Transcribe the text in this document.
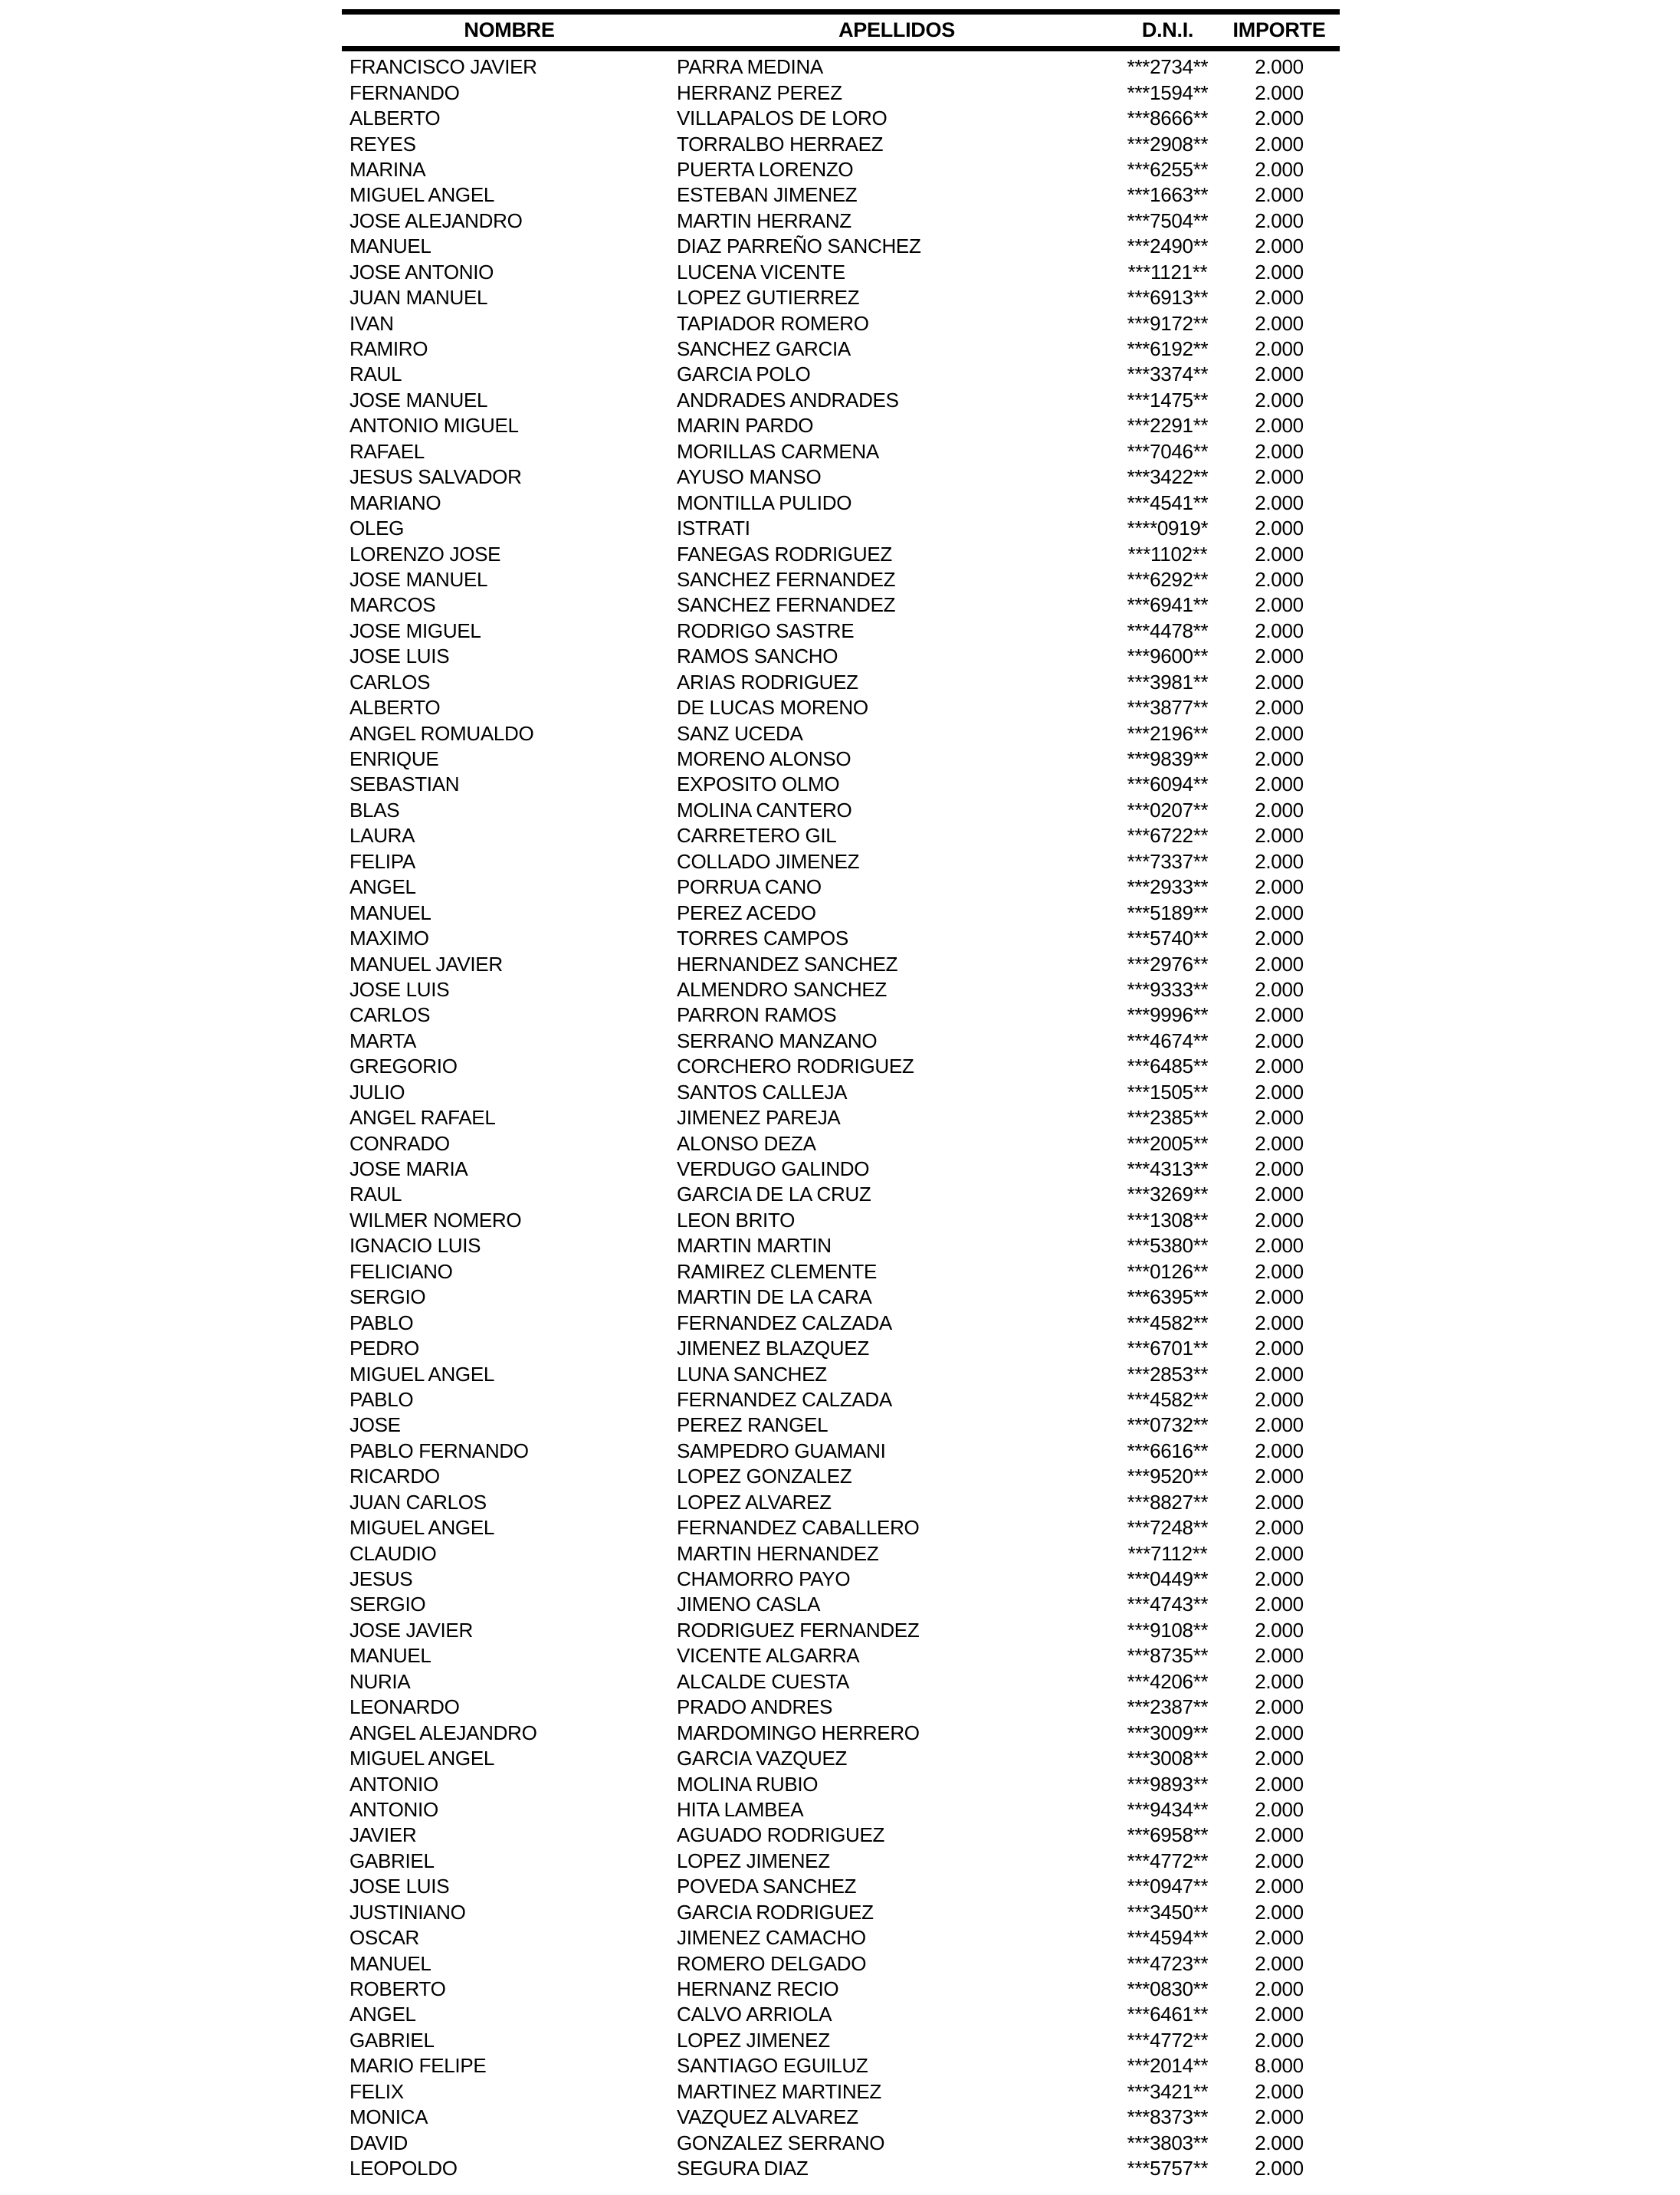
NOMBRE	APELLIDOS	D.N.I.	IMPORTE
FRANCISCO JAVIER	PARRA MEDINA	***2734**	2.000
FERNANDO	HERRANZ PEREZ	***1594**	2.000
ALBERTO	VILLAPALOS DE LORO	***8666**	2.000
REYES	TORRALBO HERRAEZ	***2908**	2.000
MARINA	PUERTA LORENZO	***6255**	2.000
MIGUEL ANGEL	ESTEBAN JIMENEZ	***1663**	2.000
JOSE ALEJANDRO	MARTIN HERRANZ	***7504**	2.000
MANUEL	DIAZ PARREÑO SANCHEZ	***2490**	2.000
JOSE ANTONIO	LUCENA VICENTE	***1121**	2.000
JUAN MANUEL	LOPEZ GUTIERREZ	***6913**	2.000
IVAN	TAPIADOR ROMERO	***9172**	2.000
RAMIRO	SANCHEZ GARCIA	***6192**	2.000
RAUL	GARCIA POLO	***3374**	2.000
JOSE MANUEL	ANDRADES ANDRADES	***1475**	2.000
ANTONIO MIGUEL	MARIN PARDO	***2291**	2.000
RAFAEL	MORILLAS CARMENA	***7046**	2.000
JESUS SALVADOR	AYUSO MANSO	***3422**	2.000
MARIANO	MONTILLA PULIDO	***4541**	2.000
OLEG	ISTRATI	****0919*	2.000
LORENZO JOSE	FANEGAS RODRIGUEZ	***1102**	2.000
JOSE MANUEL	SANCHEZ FERNANDEZ	***6292**	2.000
MARCOS	SANCHEZ FERNANDEZ	***6941**	2.000
JOSE MIGUEL	RODRIGO SASTRE	***4478**	2.000
JOSE LUIS	RAMOS SANCHO	***9600**	2.000
CARLOS	ARIAS RODRIGUEZ	***3981**	2.000
ALBERTO	DE LUCAS MORENO	***3877**	2.000
ANGEL ROMUALDO	SANZ UCEDA	***2196**	2.000
ENRIQUE	MORENO ALONSO	***9839**	2.000
SEBASTIAN	EXPOSITO OLMO	***6094**	2.000
BLAS	MOLINA CANTERO	***0207**	2.000
LAURA	CARRETERO GIL	***6722**	2.000
FELIPA	COLLADO JIMENEZ	***7337**	2.000
ANGEL	PORRUA CANO	***2933**	2.000
MANUEL	PEREZ ACEDO	***5189**	2.000
MAXIMO	TORRES CAMPOS	***5740**	2.000
MANUEL JAVIER	HERNANDEZ SANCHEZ	***2976**	2.000
JOSE LUIS	ALMENDRO SANCHEZ	***9333**	2.000
CARLOS	PARRON RAMOS	***9996**	2.000
MARTA	SERRANO MANZANO	***4674**	2.000
GREGORIO	CORCHERO RODRIGUEZ	***6485**	2.000
JULIO	SANTOS CALLEJA	***1505**	2.000
ANGEL RAFAEL	JIMENEZ PAREJA	***2385**	2.000
CONRADO	ALONSO DEZA	***2005**	2.000
JOSE MARIA	VERDUGO GALINDO	***4313**	2.000
RAUL	GARCIA DE LA CRUZ	***3269**	2.000
WILMER NOMERO	LEON BRITO	***1308**	2.000
IGNACIO LUIS	MARTIN MARTIN	***5380**	2.000
FELICIANO	RAMIREZ CLEMENTE	***0126**	2.000
SERGIO	MARTIN DE LA CARA	***6395**	2.000
PABLO	FERNANDEZ CALZADA	***4582**	2.000
PEDRO	JIMENEZ BLAZQUEZ	***6701**	2.000
MIGUEL ANGEL	LUNA SANCHEZ	***2853**	2.000
PABLO	FERNANDEZ CALZADA	***4582**	2.000
JOSE	PEREZ RANGEL	***0732**	2.000
PABLO FERNANDO	SAMPEDRO GUAMANI	***6616**	2.000
RICARDO	LOPEZ GONZALEZ	***9520**	2.000
JUAN CARLOS	LOPEZ ALVAREZ	***8827**	2.000
MIGUEL ANGEL	FERNANDEZ CABALLERO	***7248**	2.000
CLAUDIO	MARTIN HERNANDEZ	***7112**	2.000
JESUS	CHAMORRO PAYO	***0449**	2.000
SERGIO	JIMENO CASLA	***4743**	2.000
JOSE JAVIER	RODRIGUEZ FERNANDEZ	***9108**	2.000
MANUEL	VICENTE ALGARRA	***8735**	2.000
NURIA	ALCALDE CUESTA	***4206**	2.000
LEONARDO	PRADO ANDRES	***2387**	2.000
ANGEL ALEJANDRO	MARDOMINGO HERRERO	***3009**	2.000
MIGUEL ANGEL	GARCIA VAZQUEZ	***3008**	2.000
ANTONIO	MOLINA RUBIO	***9893**	2.000
ANTONIO	HITA LAMBEA	***9434**	2.000
JAVIER	AGUADO RODRIGUEZ	***6958**	2.000
GABRIEL	LOPEZ JIMENEZ	***4772**	2.000
JOSE LUIS	POVEDA SANCHEZ	***0947**	2.000
JUSTINIANO	GARCIA RODRIGUEZ	***3450**	2.000
OSCAR	JIMENEZ CAMACHO	***4594**	2.000
MANUEL	ROMERO DELGADO	***4723**	2.000
ROBERTO	HERNANZ RECIO	***0830**	2.000
ANGEL	CALVO ARRIOLA	***6461**	2.000
GABRIEL	LOPEZ JIMENEZ	***4772**	2.000
MARIO FELIPE	SANTIAGO EGUILUZ	***2014**	8.000
FELIX	MARTINEZ MARTINEZ	***3421**	2.000
MONICA	VAZQUEZ ALVAREZ	***8373**	2.000
DAVID	GONZALEZ SERRANO	***3803**	2.000
LEOPOLDO	SEGURA DIAZ	***5757**	2.000
